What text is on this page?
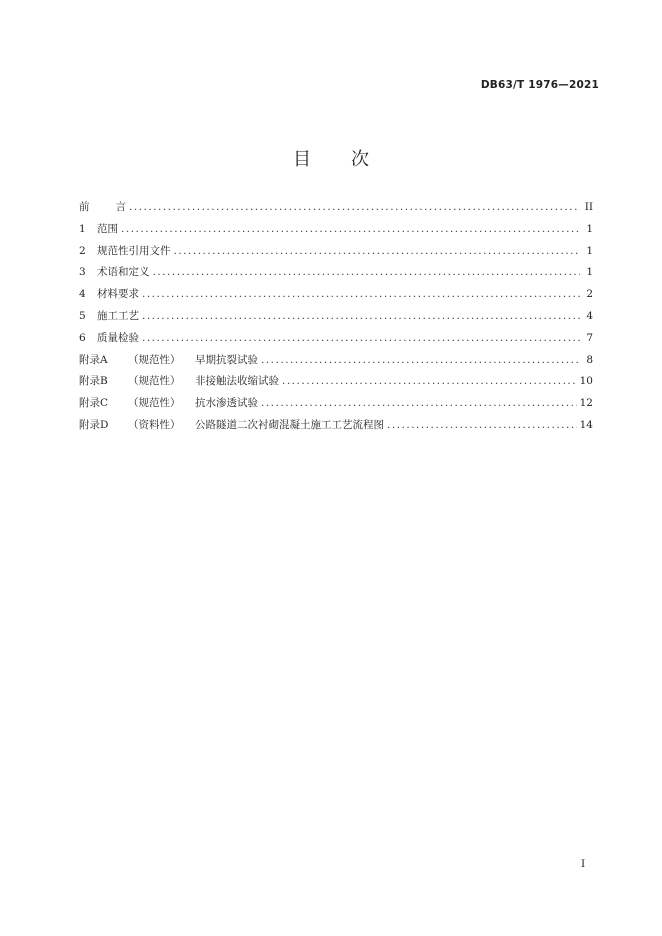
DB63/T 1976—2021
目次
前 言 .....	II
1 范围 .....	1
2 规范性引用文件 .....	1
3 术语和定义 .....	1
4 材料要求 .....	2
5 施工工艺 .....	4
6 质量检验 .....	7
附录A （规范性） 早期抗裂试验 .....	8
附录B （规范性） 非接触法收缩试验 .....	10
附录C （规范性） 抗水渗透试验 .....	12
附录D （资料性） 公路隧道二次衬砌混凝土施工工艺流程图 .....	14
I
